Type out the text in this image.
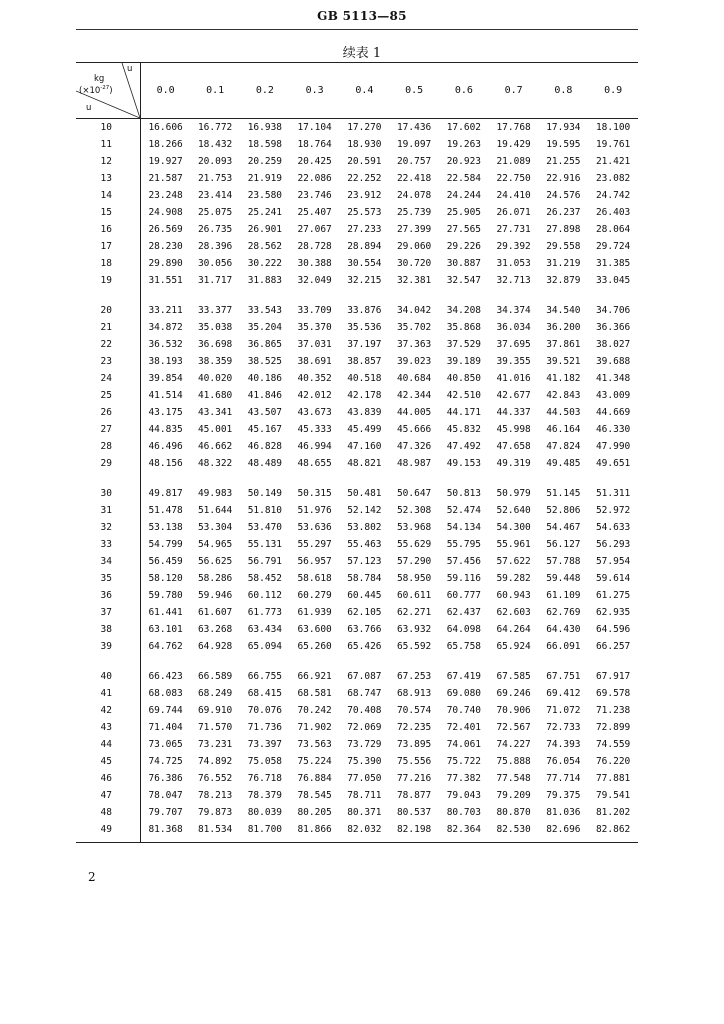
GB 5113—85
续表 1
u
kg
$(\times 10^{-27})$
u	0.0	0.1	0.2	0.3	0.4	0.5	0.6	0.7	0.8	0.9
10	16.606	16.772	16.938	17.104	17.270	17.436	17.602	17.768	17.934	18.100
11	18.266	18.432	18.598	18.764	18.930	19.097	19.263	19.429	19.595	19.761
12	19.927	20.093	20.259	20.425	20.591	20.757	20.923	21.089	21.255	21.421
13	21.587	21.753	21.919	22.086	22.252	22.418	22.584	22.750	22.916	23.082
14	23.248	23.414	23.580	23.746	23.912	24.078	24.244	24.410	24.576	24.742
15	24.908	25.075	25.241	25.407	25.573	25.739	25.905	26.071	26.237	26.403
16	26.569	26.735	26.901	27.067	27.233	27.399	27.565	27.731	27.898	28.064
17	28.230	28.396	28.562	28.728	28.894	29.060	29.226	29.392	29.558	29.724
18	29.890	30.056	30.222	30.388	30.554	30.720	30.887	31.053	31.219	31.385
19	31.551	31.717	31.883	32.049	32.215	32.381	32.547	32.713	32.879	33.045

20	33.211	33.377	33.543	33.709	33.876	34.042	34.208	34.374	34.540	34.706
21	34.872	35.038	35.204	35.370	35.536	35.702	35.868	36.034	36.200	36.366
22	36.532	36.698	36.865	37.031	37.197	37.363	37.529	37.695	37.861	38.027
23	38.193	38.359	38.525	38.691	38.857	39.023	39.189	39.355	39.521	39.688
24	39.854	40.020	40.186	40.352	40.518	40.684	40.850	41.016	41.182	41.348
25	41.514	41.680	41.846	42.012	42.178	42.344	42.510	42.677	42.843	43.009
26	43.175	43.341	43.507	43.673	43.839	44.005	44.171	44.337	44.503	44.669
27	44.835	45.001	45.167	45.333	45.499	45.666	45.832	45.998	46.164	46.330
28	46.496	46.662	46.828	46.994	47.160	47.326	47.492	47.658	47.824	47.990
29	48.156	48.322	48.489	48.655	48.821	48.987	49.153	49.319	49.485	49.651

30	49.817	49.983	50.149	50.315	50.481	50.647	50.813	50.979	51.145	51.311
31	51.478	51.644	51.810	51.976	52.142	52.308	52.474	52.640	52.806	52.972
32	53.138	53.304	53.470	53.636	53.802	53.968	54.134	54.300	54.467	54.633
33	54.799	54.965	55.131	55.297	55.463	55.629	55.795	55.961	56.127	56.293
34	56.459	56.625	56.791	56.957	57.123	57.290	57.456	57.622	57.788	57.954
35	58.120	58.286	58.452	58.618	58.784	58.950	59.116	59.282	59.448	59.614
36	59.780	59.946	60.112	60.279	60.445	60.611	60.777	60.943	61.109	61.275
37	61.441	61.607	61.773	61.939	62.105	62.271	62.437	62.603	62.769	62.935
38	63.101	63.268	63.434	63.600	63.766	63.932	64.098	64.264	64.430	64.596
39	64.762	64.928	65.094	65.260	65.426	65.592	65.758	65.924	66.091	66.257

40	66.423	66.589	66.755	66.921	67.087	67.253	67.419	67.585	67.751	67.917
41	68.083	68.249	68.415	68.581	68.747	68.913	69.080	69.246	69.412	69.578
42	69.744	69.910	70.076	70.242	70.408	70.574	70.740	70.906	71.072	71.238
43	71.404	71.570	71.736	71.902	72.069	72.235	72.401	72.567	72.733	72.899
44	73.065	73.231	73.397	73.563	73.729	73.895	74.061	74.227	74.393	74.559
45	74.725	74.892	75.058	75.224	75.390	75.556	75.722	75.888	76.054	76.220
46	76.386	76.552	76.718	76.884	77.050	77.216	77.382	77.548	77.714	77.881
47	78.047	78.213	78.379	78.545	78.711	78.877	79.043	79.209	79.375	79.541
48	79.707	79.873	80.039	80.205	80.371	80.537	80.703	80.870	81.036	81.202
49	81.368	81.534	81.700	81.866	82.032	82.198	82.364	82.530	82.696	82.862

2
